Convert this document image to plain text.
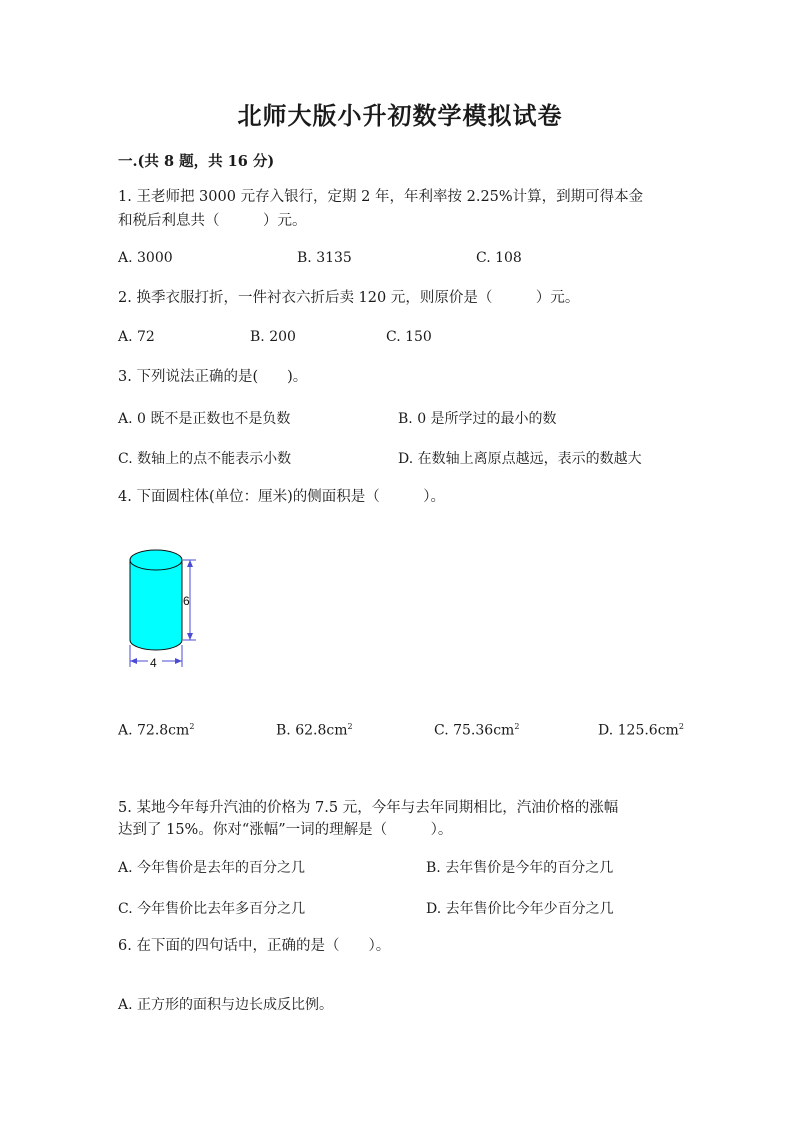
北师大版小升初数学模拟试卷
一.(共 8 题，共 16 分)
1. 王老师把 3000 元存入银行，定期 2 年，年利率按 2.25%计算，到期可得本金
和税后利息共（　　　）元。
A. 3000	B. 3135	C. 108
2. 换季衣服打折，一件衬衣六折后卖 120 元，则原价是（　　　）元。
A. 72	B. 200	C. 150
3. 下列说法正确的是(　　)。
A. 0 既不是正数也不是负数	B. 0 是所学过的最小的数
C. 数轴上的点不能表示小数	D. 在数轴上离原点越远，表示的数越大
4. 下面圆柱体(单位：厘米)的侧面积是（　　　）。
6
4
A. $72.8cm^2$	B. $62.8cm^2$	C. $75.36cm^2$	D. $125.6cm^2$
5. 某地今年每升汽油的价格为 7.5 元，今年与去年同期相比，汽油价格的涨幅
达到了 15%。你对“涨幅”一词的理解是（　　　）。
A. 今年售价是去年的百分之几	B. 去年售价是今年的百分之几
C. 今年售价比去年多百分之几	D. 去年售价比今年少百分之几
6. 在下面的四句话中，正确的是（　　）。
A. 正方形的面积与边长成反比例。
